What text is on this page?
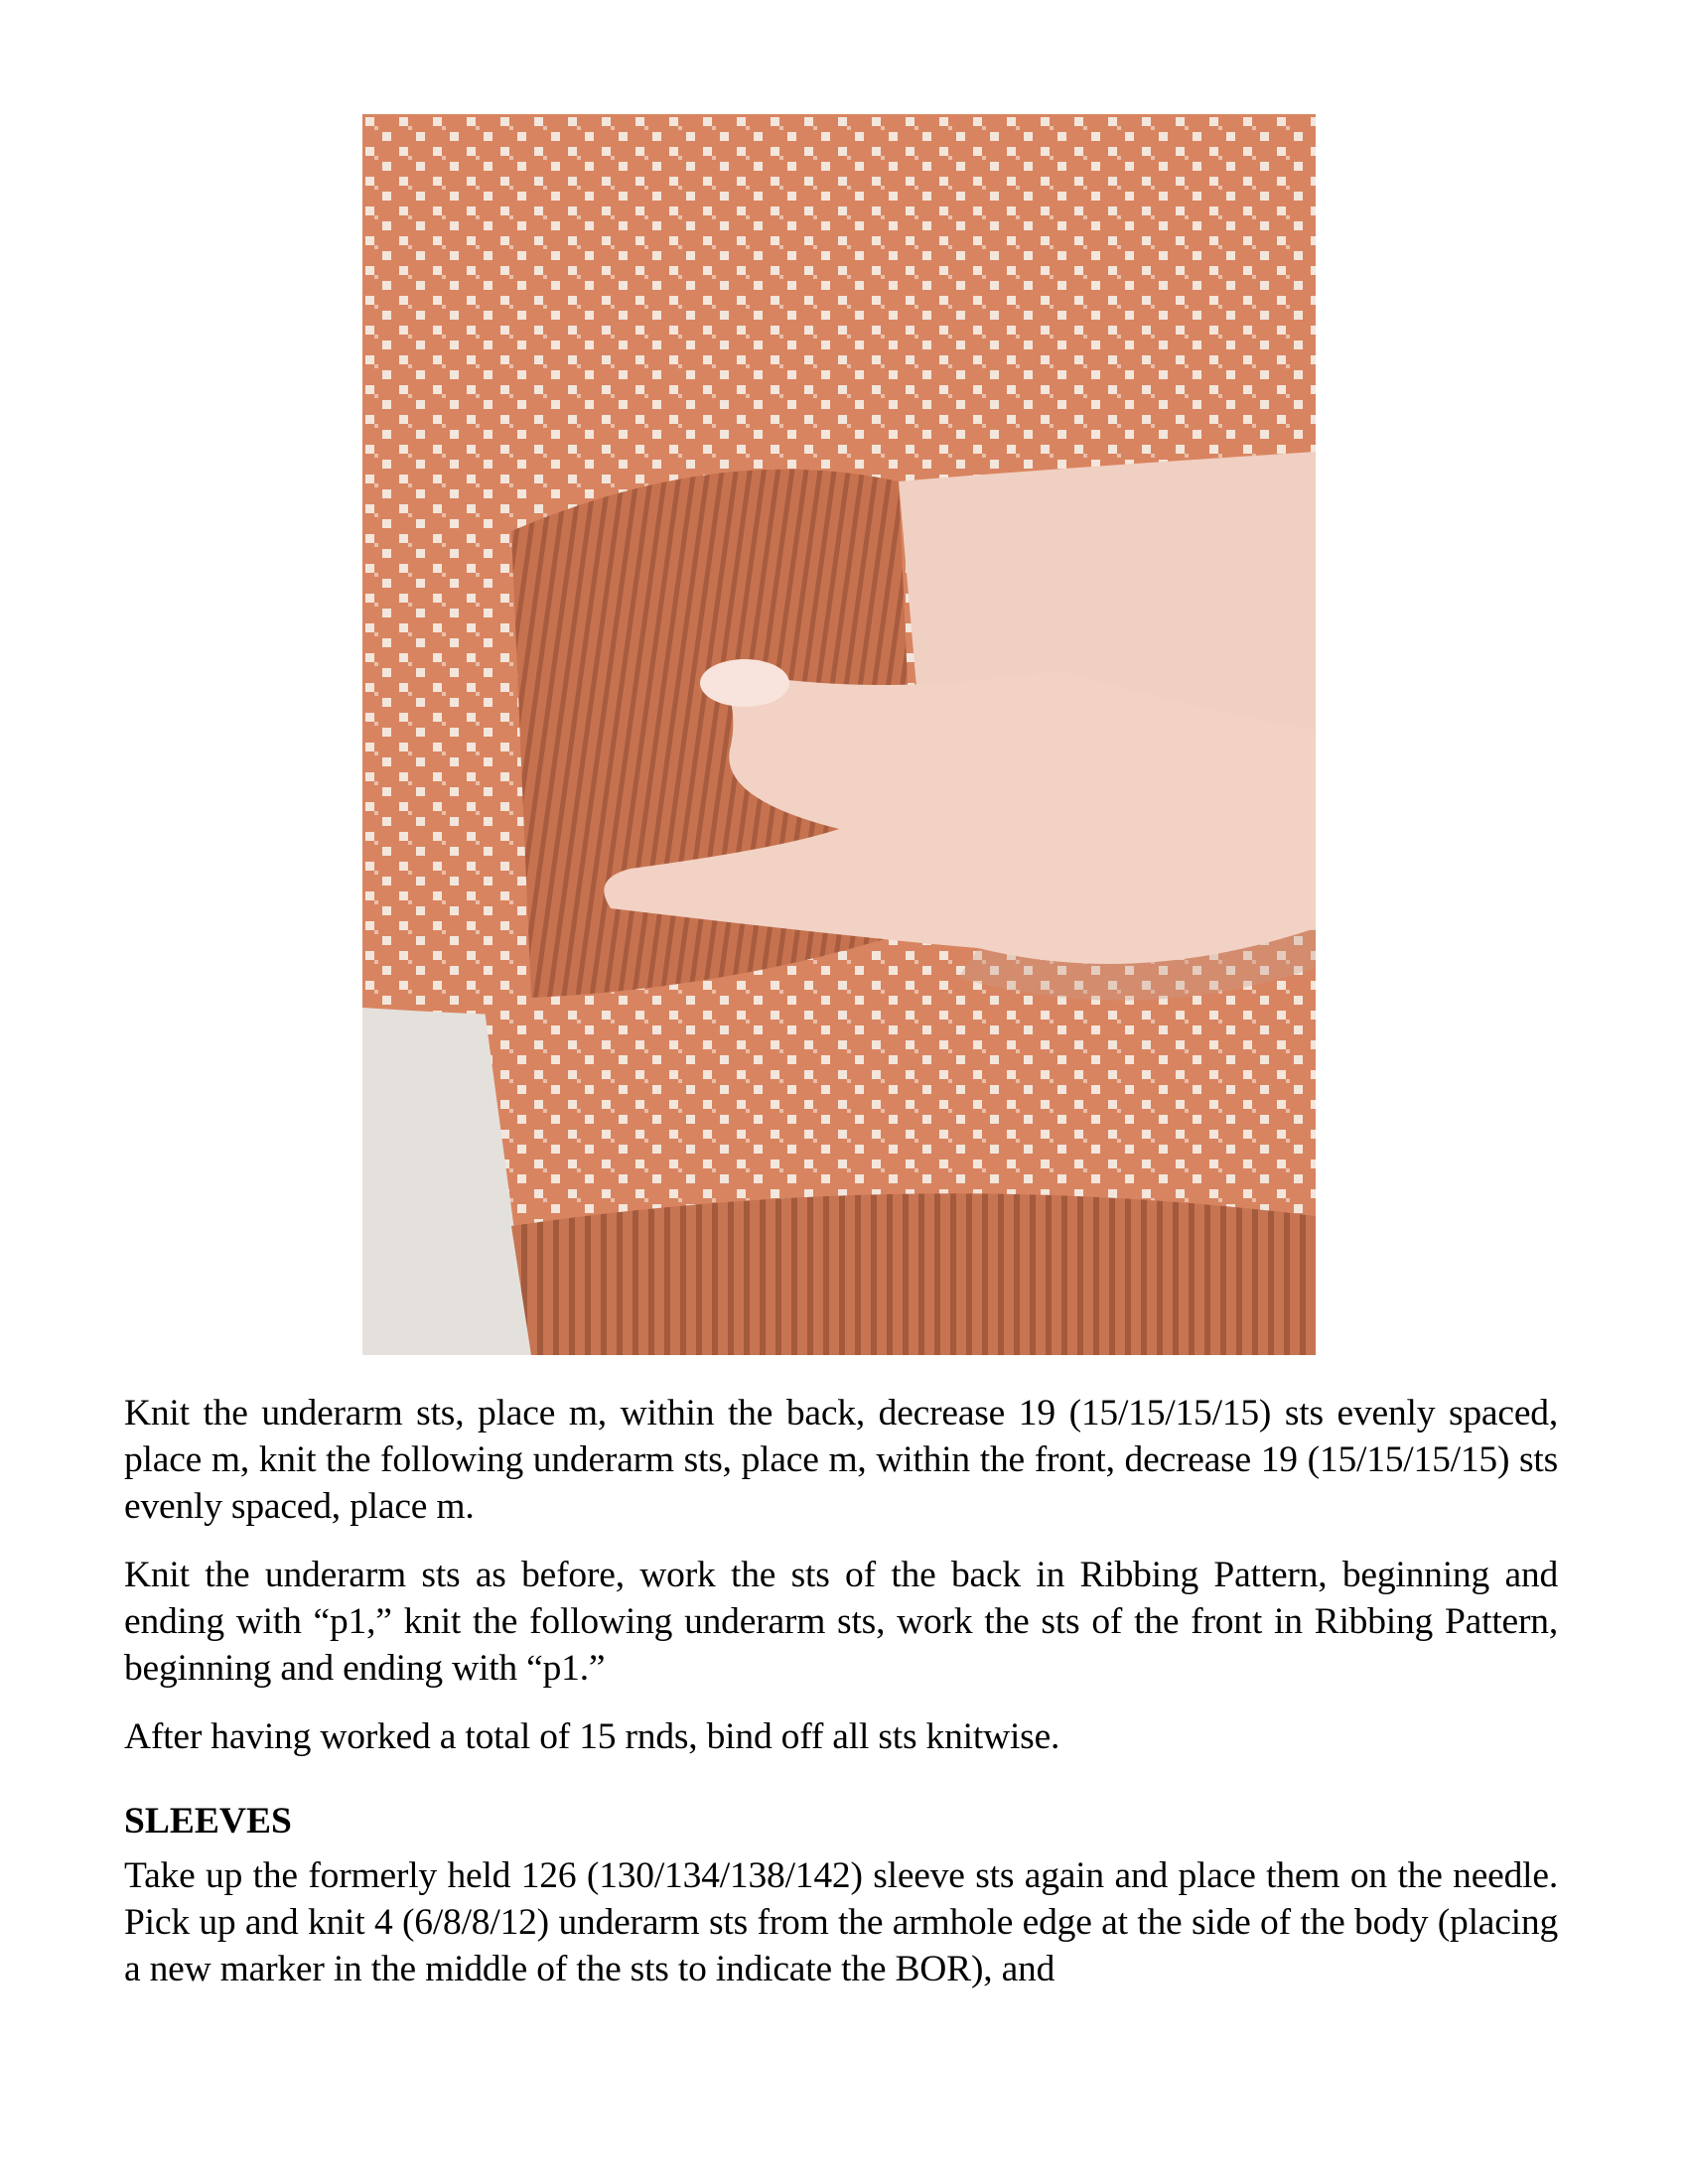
Knit the underarm sts, place m, within the back, decrease 19 (15/15/15/15) sts evenly spaced, place m, knit the following underarm sts, place m, within the front, decrease 19 (15/15/15/15) sts evenly spaced, place m.

Knit the underarm sts as before, work the sts of the back in Ribbing Pattern, beginning and ending with “p1,” knit the following underarm sts, work the sts of the front in Ribbing Pattern, beginning and ending with “p1.”

After having worked a total of 15 rnds, bind off all sts knitwise.

SLEEVES

Take up the formerly held 126 (130/134/138/142) sleeve sts again and place them on the needle. Pick up and knit 4 (6/8/8/12) underarm sts from the armhole edge at the side of the body (placing a new marker in the middle of the sts to indicate the BOR), and
